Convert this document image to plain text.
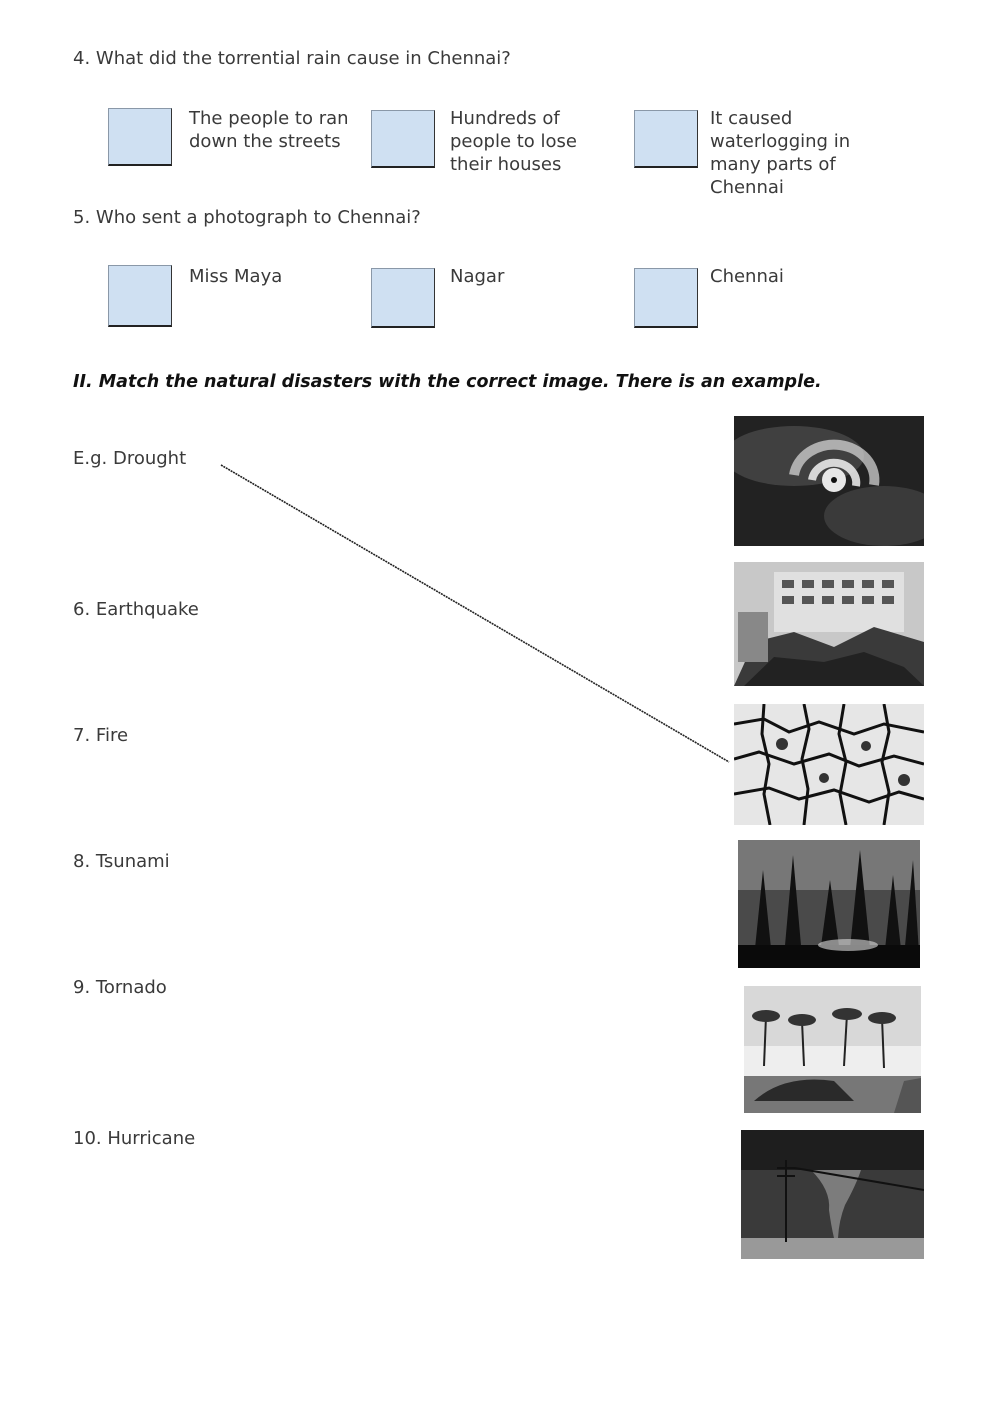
4. What did the torrential rain cause in Chennai?
The people to ran down the streets
Hundreds of people to lose their houses
It caused waterlogging in many parts of Chennai
5. Who sent a photograph to Chennai?
Miss Maya	Nagar	Chennai
II. Match the natural disasters with the correct image. There is an example.
E.g. Drought
6. Earthquake
7. Fire
8. Tsunami
9. Tornado
10. Hurricane
